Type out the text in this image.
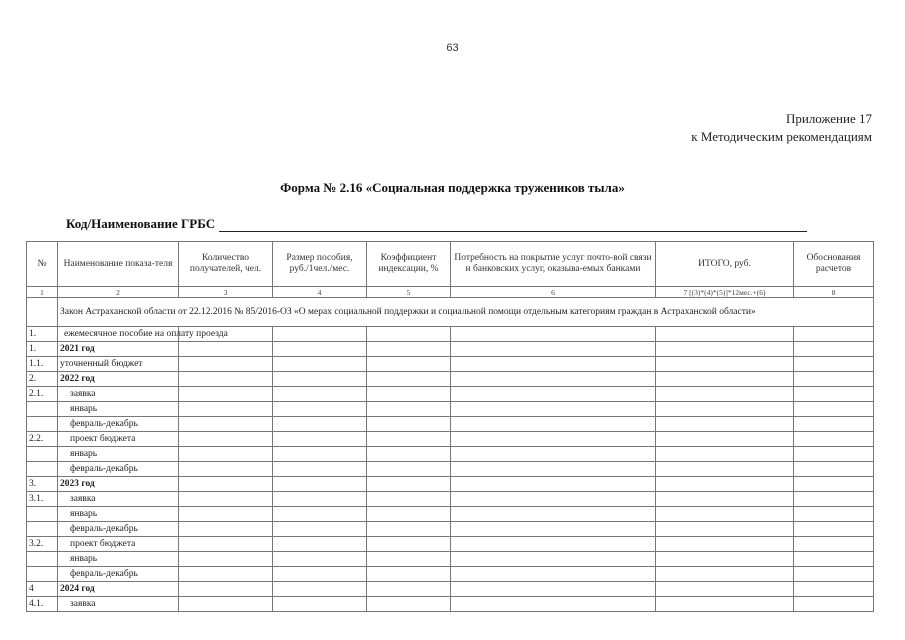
63
Приложение 17
к Методическим рекомендациям
Форма № 2.16 «Социальная поддержка тружеников тыла»
Код/Наименование ГРБС
№	Наименование показа-теля	Количество получателей, чел.	Размер пособия, руб./1чел./мес.	Коэффициент индексации, %	Потребность на покрытие услуг почто-вой связи и банковских услуг, оказыва-емых банками	ИТОГО, руб.	Обоснования расчетов
1	2	3	4	5	6	7 [(3)*(4)*(5)]*12мес.+(6)	8
	Закон Астраханской области от 22.12.2016 № 85/2016-ОЗ «О мерах социальной поддержки и социальной помощи отдельным категориям граждан в Астраханской области»						
1.	ежемесячное пособие на оплату проезда						
1.	2021 год						
1.1.	уточненный бюджет						
2.	2022 год						
2.1.	заявка						
	январь						
	февраль-декабрь						
2.2.	проект бюджета						
	январь						
	февраль-декабрь						
3.	2023 год						
3.1.	заявка						
	январь						
	февраль-декабрь						
3.2.	проект бюджета						
	январь						
	февраль-декабрь						
4	2024 год						
4.1.	заявка						
